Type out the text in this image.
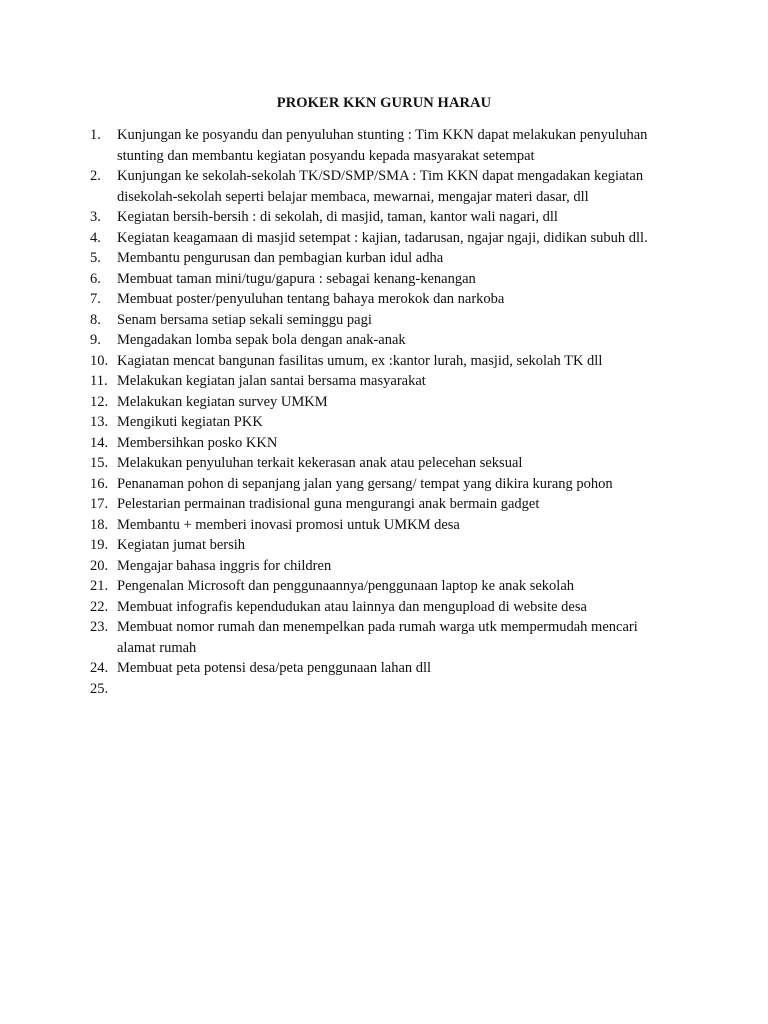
PROKER KKN GURUN HARAU
1.	Kunjungan ke posyandu dan penyuluhan stunting : Tim KKN dapat melakukan penyuluhan stunting dan membantu kegiatan posyandu kepada masyarakat setempat
2.	Kunjungan ke sekolah-sekolah TK/SD/SMP/SMA : Tim KKN dapat mengadakan kegiatan disekolah-sekolah seperti belajar membaca, mewarnai, mengajar materi dasar, dll
3.	Kegiatan bersih-bersih : di sekolah, di masjid, taman, kantor wali nagari, dll
4.	Kegiatan keagamaan di masjid setempat : kajian, tadarusan, ngajar ngaji, didikan subuh dll.
5.	Membantu pengurusan dan pembagian kurban idul adha
6.	Membuat taman mini/tugu/gapura : sebagai kenang-kenangan
7.	Membuat poster/penyuluhan tentang bahaya merokok dan narkoba
8.	Senam bersama setiap sekali seminggu pagi
9.	Mengadakan lomba sepak bola dengan anak-anak
10. Kagiatan mencat bangunan fasilitas umum, ex :kantor lurah, masjid, sekolah TK dll
11. Melakukan kegiatan jalan santai bersama masyarakat
12. Melakukan kegiatan survey UMKM
13. Mengikuti kegiatan PKK
14. Membersihkan posko KKN
15. Melakukan penyuluhan terkait kekerasan anak atau pelecehan seksual
16. Penanaman pohon di sepanjang jalan yang gersang/ tempat yang dikira kurang pohon
17. Pelestarian permainan tradisional guna mengurangi anak bermain gadget
18. Membantu + memberi inovasi promosi untuk UMKM desa
19. Kegiatan jumat bersih
20. Mengajar bahasa inggris for children
21. Pengenalan Microsoft dan penggunaannya/penggunaan laptop ke anak sekolah
22. Membuat infografis kependudukan atau lainnya dan mengupload di website desa
23. Membuat nomor rumah dan menempelkan pada rumah warga utk mempermudah mencari alamat rumah
24. Membuat peta potensi desa/peta penggunaan lahan dll
25.
